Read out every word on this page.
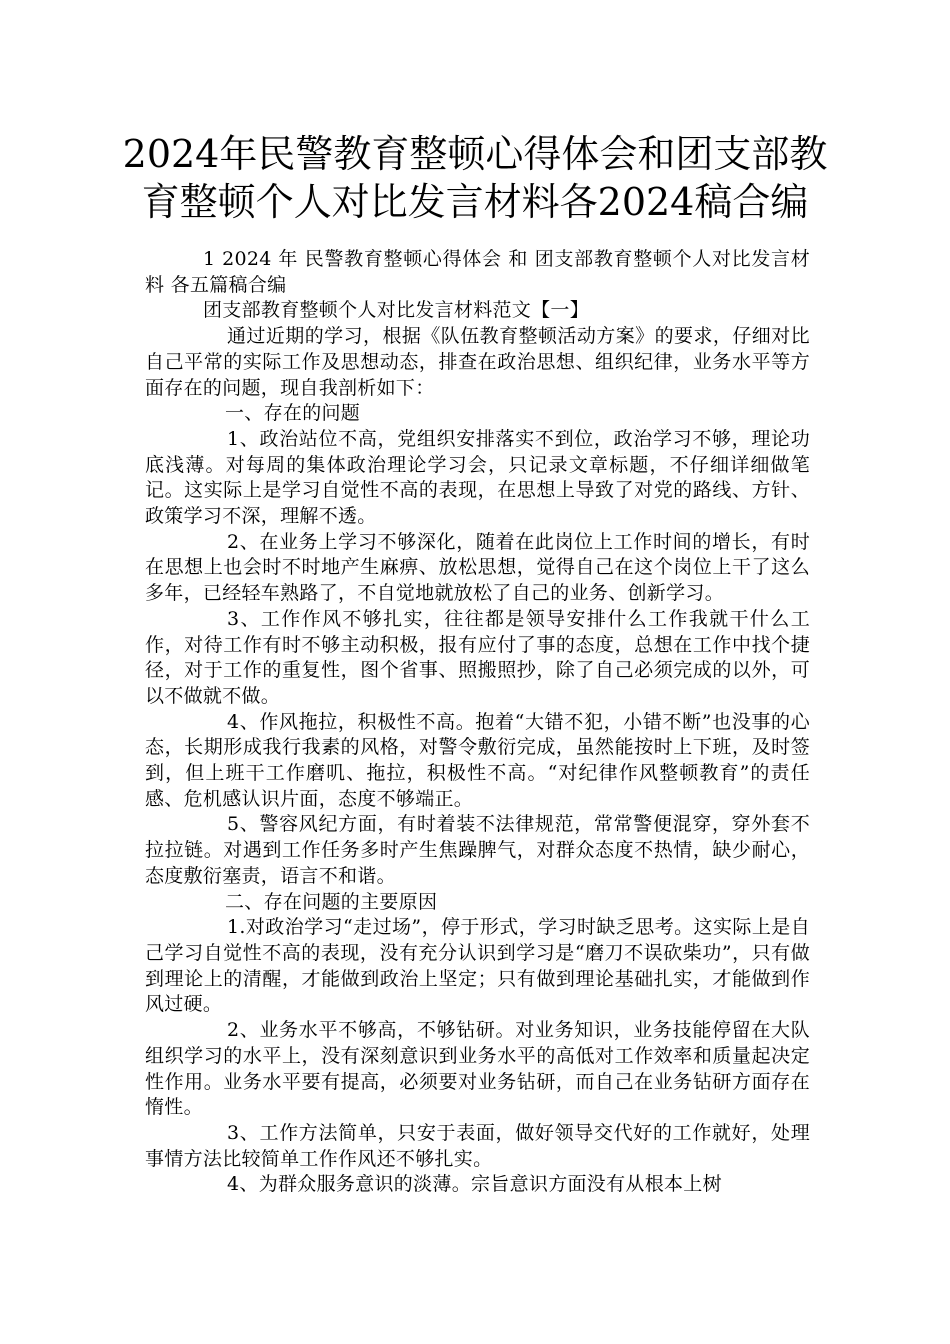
2024年民警教育整顿心得体会和团支部教
育整顿个人对比发言材料各2024稿合编

1 2024 年 民警教育整顿心得体会 和 团支部教育整顿个人对比发言材料 各五篇稿合编

团支部教育整顿个人对比发言材料范文【一】

通过近期的学习，根据《队伍教育整顿活动方案》的要求，仔细对比自己平常的实际工作及思想动态，排查在政治思想、组织纪律，业务水平等方面存在的问题，现自我剖析如下：

一、存在的问题

1、政治站位不高，党组织安排落实不到位，政治学习不够，理论功底浅薄。对每周的集体政治理论学习会，只记录文章标题，不仔细详细做笔记。这实际上是学习自觉性不高的表现，在思想上导致了对党的路线、方针、政策学习不深，理解不透。

2、在业务上学习不够深化，随着在此岗位上工作时间的增长，有时在思想上也会时不时地产生麻痹、放松思想，觉得自己在这个岗位上干了这么多年，已经轻车熟路了，不自觉地就放松了自己的业务、创新学习。

3、工作作风不够扎实，往往都是领导安排什么工作我就干什么工作，对待工作有时不够主动积极，报有应付了事的态度，总想在工作中找个捷径，对于工作的重复性，图个省事、照搬照抄，除了自己必须完成的以外，可以不做就不做。

4、作风拖拉，积极性不高。抱着“大错不犯，小错不断”也没事的心态，长期形成我行我素的风格，对警令敷衍完成，虽然能按时上下班，及时签到，但上班干工作磨叽、拖拉，积极性不高。“对纪律作风整顿教育”的责任感、危机感认识片面，态度不够端正。

5、警容风纪方面，有时着装不法律规范，常常警便混穿，穿外套不拉拉链。对遇到工作任务多时产生焦躁脾气，对群众态度不热情，缺少耐心，态度敷衍塞责，语言不和谐。

二、存在问题的主要原因

1.对政治学习“走过场”，停于形式，学习时缺乏思考。这实际上是自己学习自觉性不高的表现，没有充分认识到学习是“磨刀不误砍柴功”，只有做到理论上的清醒，才能做到政治上坚定；只有做到理论基础扎实，才能做到作风过硬。

2、业务水平不够高，不够钻研。对业务知识，业务技能停留在大队组织学习的水平上，没有深刻意识到业务水平的高低对工作效率和质量起决定性作用。业务水平要有提高，必须要对业务钻研，而自己在业务钻研方面存在惰性。

3、工作方法简单，只安于表面，做好领导交代好的工作就好，处理事情方法比较简单工作作风还不够扎实。

4、为群众服务意识的淡薄。宗旨意识方面没有从根本上树
